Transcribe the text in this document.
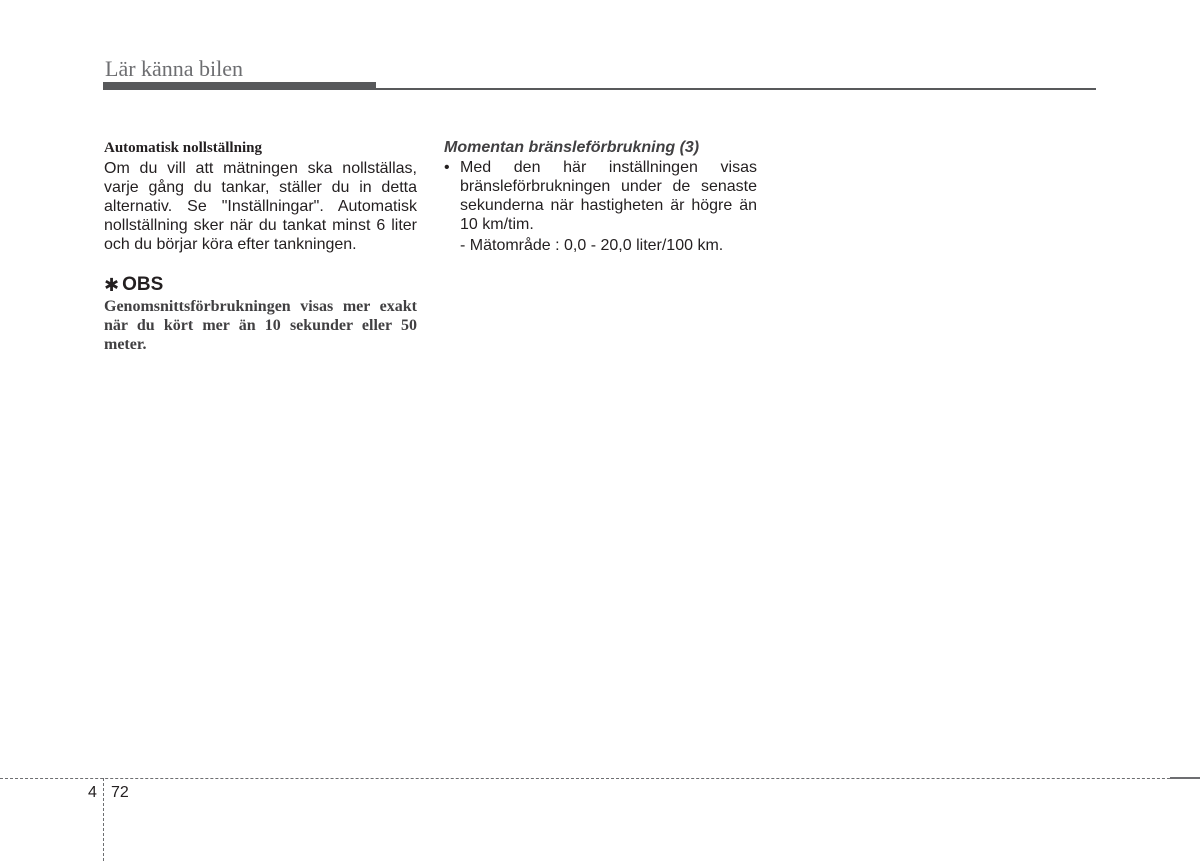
Lär känna bilen
Automatisk nollställning

Om du vill att mätningen ska nollställas, varje gång du tankar, ställer du in detta alternativ. Se "Inställningar". Automatisk nollställning sker när du tankat minst 6 liter och du börjar köra efter tankningen.

✱ OBS

Genomsnittsförbrukningen visas mer exakt när du kört mer än 10 sekunder eller 50 meter.

Momentan bränsleförbrukning (3)
• Med den här inställningen visas bränsleförbrukningen under de senaste sekunderna när hastigheten är högre än 10 km/tim.
- Mätområde : 0,0 - 20,0 liter/100 km.
4 72
